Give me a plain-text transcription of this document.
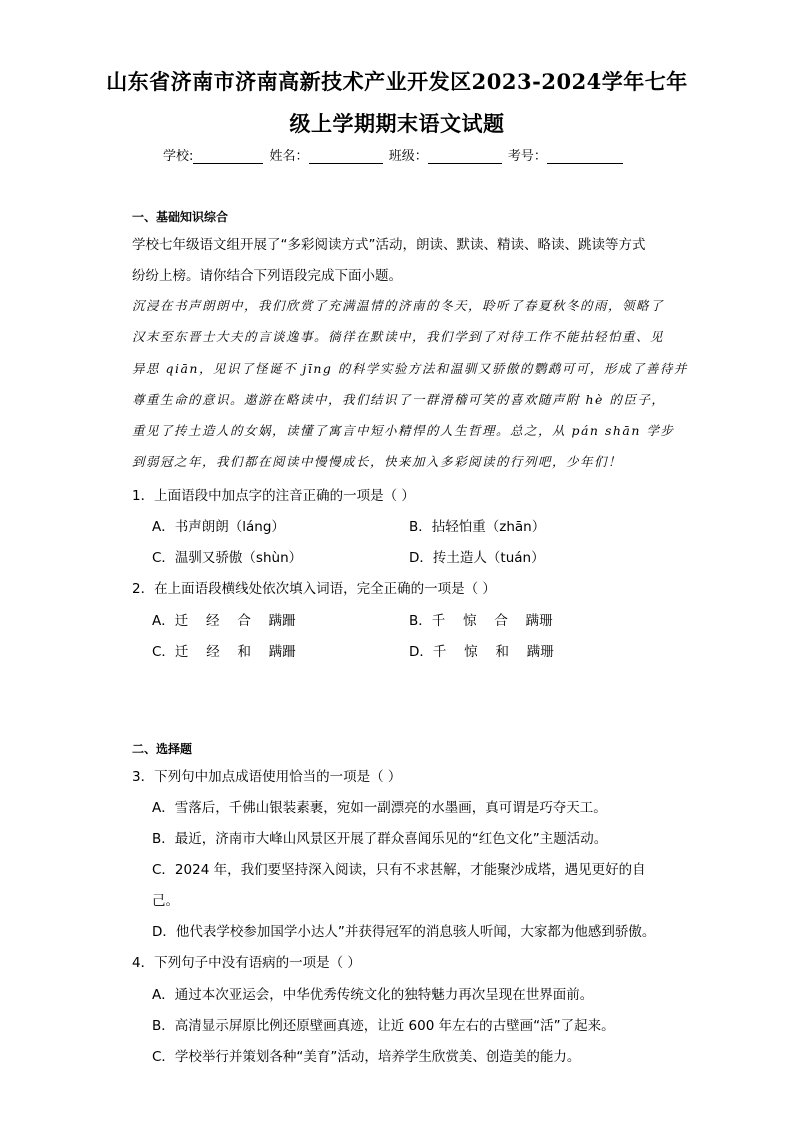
山东省济南市济南高新技术产业开发区2023-2024学年七年
级上学期期末语文试题
学校:	姓名：	班级：	考号：
一、基础知识综合
学校七年级语文组开展了“多彩阅读方式”活动，朗读、默读、精读、略读、跳读等方式
纷纷上榜。请你结合下列语段完成下面小题。
沉浸在书声朗朗中，我们欣赏了充满温情的济南的冬天，聆听了春夏秋冬的雨，领略了
汉末至东晋士大夫的言谈逸事。徜徉在默读中，我们学到了对待工作不能拈轻怕重、见
异思 qiān，见识了怪诞不 jīng 的科学实验方法和温驯又骄傲的鹦鹉可可，形成了善待并
尊重生命的意识。遨游在略读中，我们结识了一群滑稽可笑的喜欢随声附 hè 的臣子，
重见了抟土造人的女娲，读懂了寓言中短小精悍的人生哲理。总之，从 pán shān 学步
到弱冠之年，我们都在阅读中慢慢成长，快来加入多彩阅读的行列吧，少年们！
1．上面语段中加点字的注音正确的一项是（ ）
A．书声朗朗（láng）	B．拈轻怕重（zhān）
C．温驯又骄傲（shùn）	D．抟土造人（tuán）
2．在上面语段横线处依次填入词语，完全正确的一项是（ ）
A．迁　 经　 合　 蹒跚	B．千　 惊　 合　 蹒珊
C．迁　 经　 和　 蹒跚	D．千　 惊　 和　 蹒珊
二、选择题
3．下列句中加点成语使用恰当的一项是（ ）
A．雪落后，千佛山银装素裹，宛如一副漂亮的水墨画，真可谓是巧夺天工。
B．最近，济南市大峰山风景区开展了群众喜闻乐见的“红色文化”主题活动。
C．2024 年，我们要坚持深入阅读，只有不求甚解，才能聚沙成塔，遇见更好的自
己。
D．他代表学校参加国学小达人”并获得冠军的消息骇人听闻，大家都为他感到骄傲。
4．下列句子中没有语病的一项是（ ）
A．通过本次亚运会，中华优秀传统文化的独特魅力再次呈现在世界面前。
B．高清显示屏原比例还原壁画真迹，让近 600 年左右的古壁画“活”了起来。
C．学校举行并策划各种“美育”活动，培养学生欣赏美、创造美的能力。
